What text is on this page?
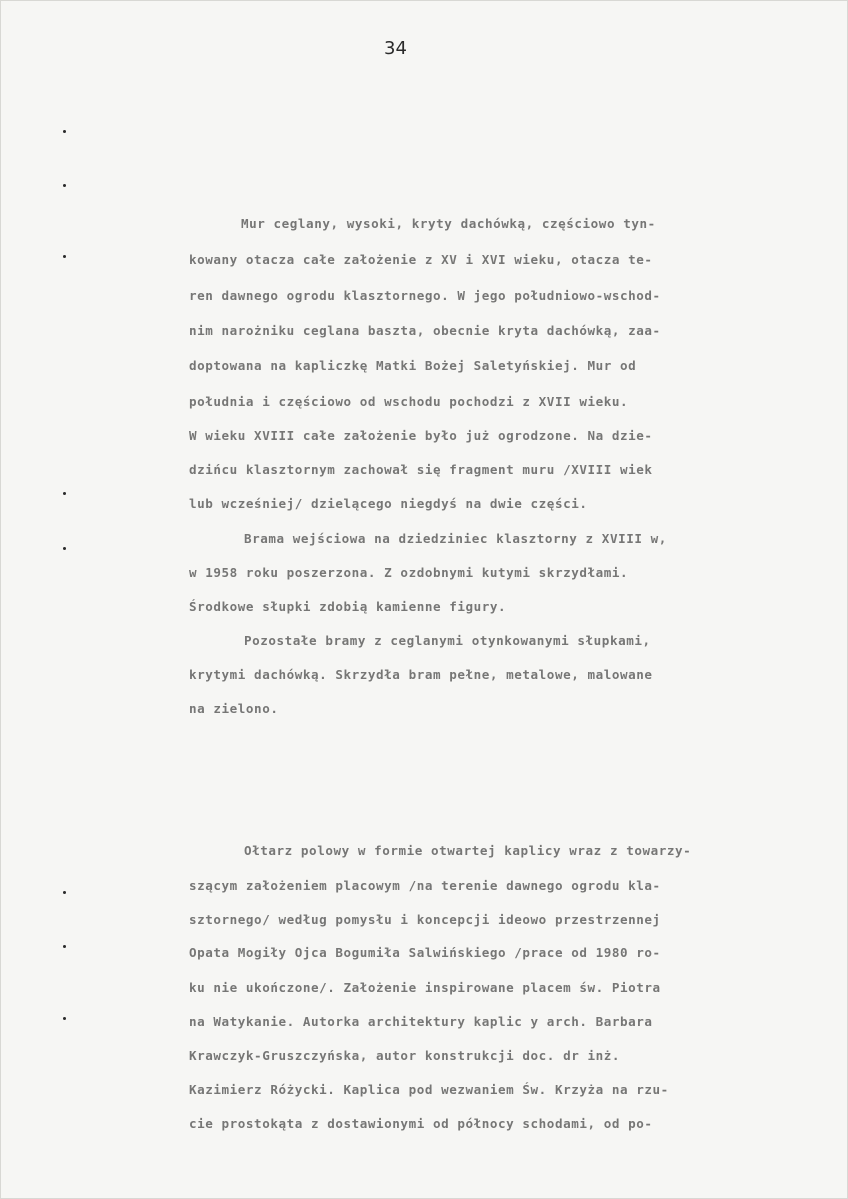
34
Mur ceglany, wysoki, kryty dachówką, częściowo tyn-
kowany otacza całe założenie z XV i XVI wieku, otacza te-
ren dawnego ogrodu klasztornego. W jego południowo-wschod-
nim narożniku ceglana baszta, obecnie kryta dachówką, zaa-
doptowana na kapliczkę Matki Bożej Saletyńskiej. Mur od
południa i częściowo od wschodu pochodzi z XVII wieku.
W wieku XVIII całe założenie było już ogrodzone. Na dzie-
dzińcu klasztornym zachował się fragment muru /XVIII wiek
lub wcześniej/ dzielącego niegdyś na dwie części.
Brama wejściowa na dziedziniec klasztorny z XVIII w,
w 1958 roku poszerzona. Z ozdobnymi kutymi skrzydłami.
Środkowe słupki zdobią kamienne figury.
Pozostałe bramy z ceglanymi otynkowanymi słupkami,
krytymi dachówką. Skrzydła bram pełne, metalowe, malowane
na zielono.
Ołtarz polowy w formie otwartej kaplicy wraz z towarzy-
szącym założeniem placowym /na terenie dawnego ogrodu kla-
sztornego/ według pomysłu i koncepcji ideowo przestrzennej
Opata Mogiły Ojca Bogumiła Salwińskiego /prace od 1980 ro-
ku nie ukończone/. Założenie inspirowane placem św. Piotra
na Watykanie. Autorka architektury kaplic y arch. Barbara
Krawczyk-Gruszczyńska, autor konstrukcji doc. dr inż.
Kazimierz Różycki. Kaplica pod wezwaniem Św. Krzyża na rzu-
cie prostokąta z dostawionymi od północy schodami, od po-
